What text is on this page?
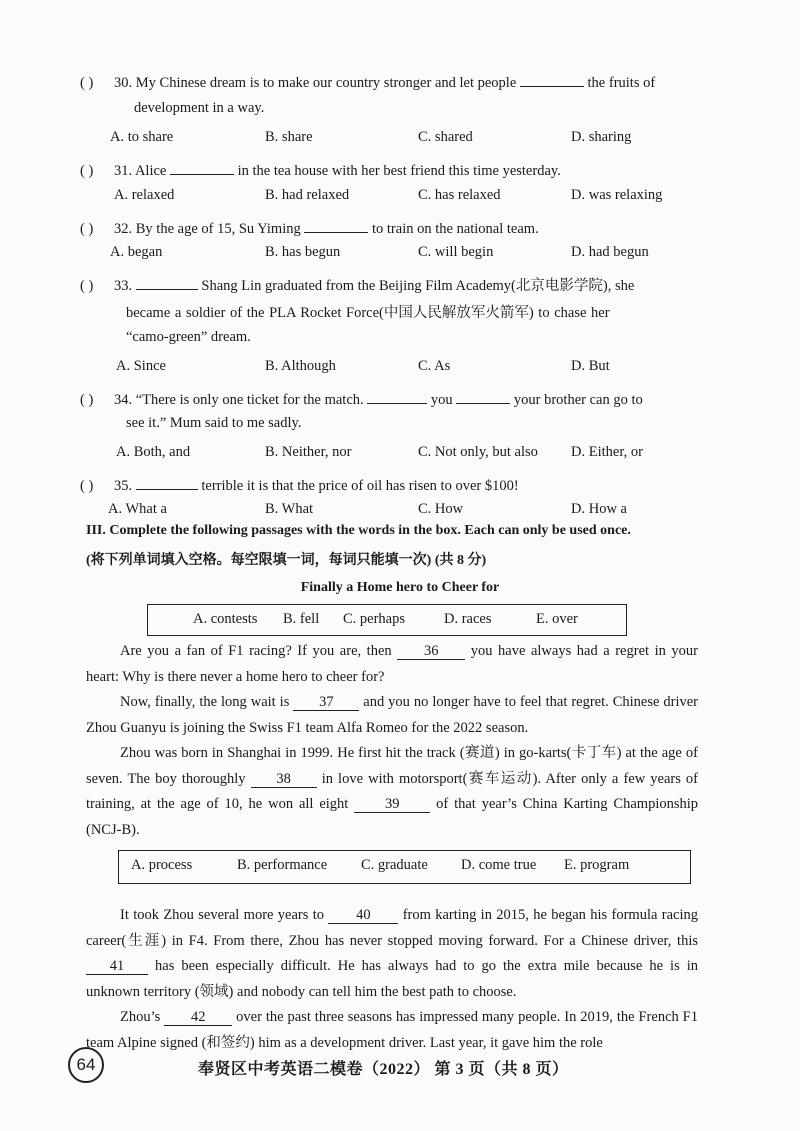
( ) 30. My Chinese dream is to make our country stronger and let people	the fruits of
development in a way.
A. to share	B. share	C. shared	D. sharing
( ) 31. Alice	in the tea house with her best friend this time yesterday.
A. relaxed	B. had relaxed	C. has relaxed	D. was relaxing
( ) 32. By the age of 15, Su Yiming	to train on the national team.
A. began	B. has begun	C. will begin	D. had begun
( ) 33.	Shang Lin graduated from the Beijing Film Academy(北京电影学院), she
became a soldier of the PLA Rocket Force(中国人民解放军火箭军) to chase her
“camo-green” dream.
A. Since	B. Although	C. As	D. But
( ) 34. “There is only one ticket for the match.	you	your brother can go to
see it.” Mum said to me sadly.
A. Both, and	B. Neither, nor	C. Not only, but also D. Either, or
( ) 35.	terrible it is that the price of oil has risen to over $100!
A. What a	B. What	C. How	D. How a
III. Complete the following passages with the words in the box. Each can only be used once.
(将下列单词填入空格。每空限填一词，每词只能填一次) (共 8 分)
Finally a Home hero to Cheer for
A. contests B. fell C. perhaps	D. races	E. over
Are you a fan of F1 racing? If you are, then 36 you have always had a regret in your heart: Why is there never a home hero to cheer for?
Now, finally, the long wait is 37 and you no longer have to feel that regret. Chinese driver Zhou Guanyu is joining the Swiss F1 team Alfa Romeo for the 2022 season.
Zhou was born in Shanghai in 1999. He first hit the track (赛道) in go-karts(卡丁车) at the age of seven. The boy thoroughly 38 in love with motorsport(赛车运动). After only a few years of training, at the age of 10, he won all eight	39	of that year’s China Karting Championship (NCJ-B).
A. process	B. performance C. graduate D. come true E. program
It took Zhou several more years to 40 from karting in 2015, he began his formula racing career(生涯) in F4. From there, Zhou has never stopped moving forward. For a Chinese driver, this 41 has been especially difficult. He has always had to go the extra mile because he is in unknown territory (领域) and nobody can tell him the best path to choose.
Zhou’s 42 over the past three seasons has impressed many people. In 2019, the French F1 team Alpine signed (和签约) him as a development driver. Last year, it gave him the role
64	奉贤区中考英语二模卷（2022） 第 3 页（共 8 页）
